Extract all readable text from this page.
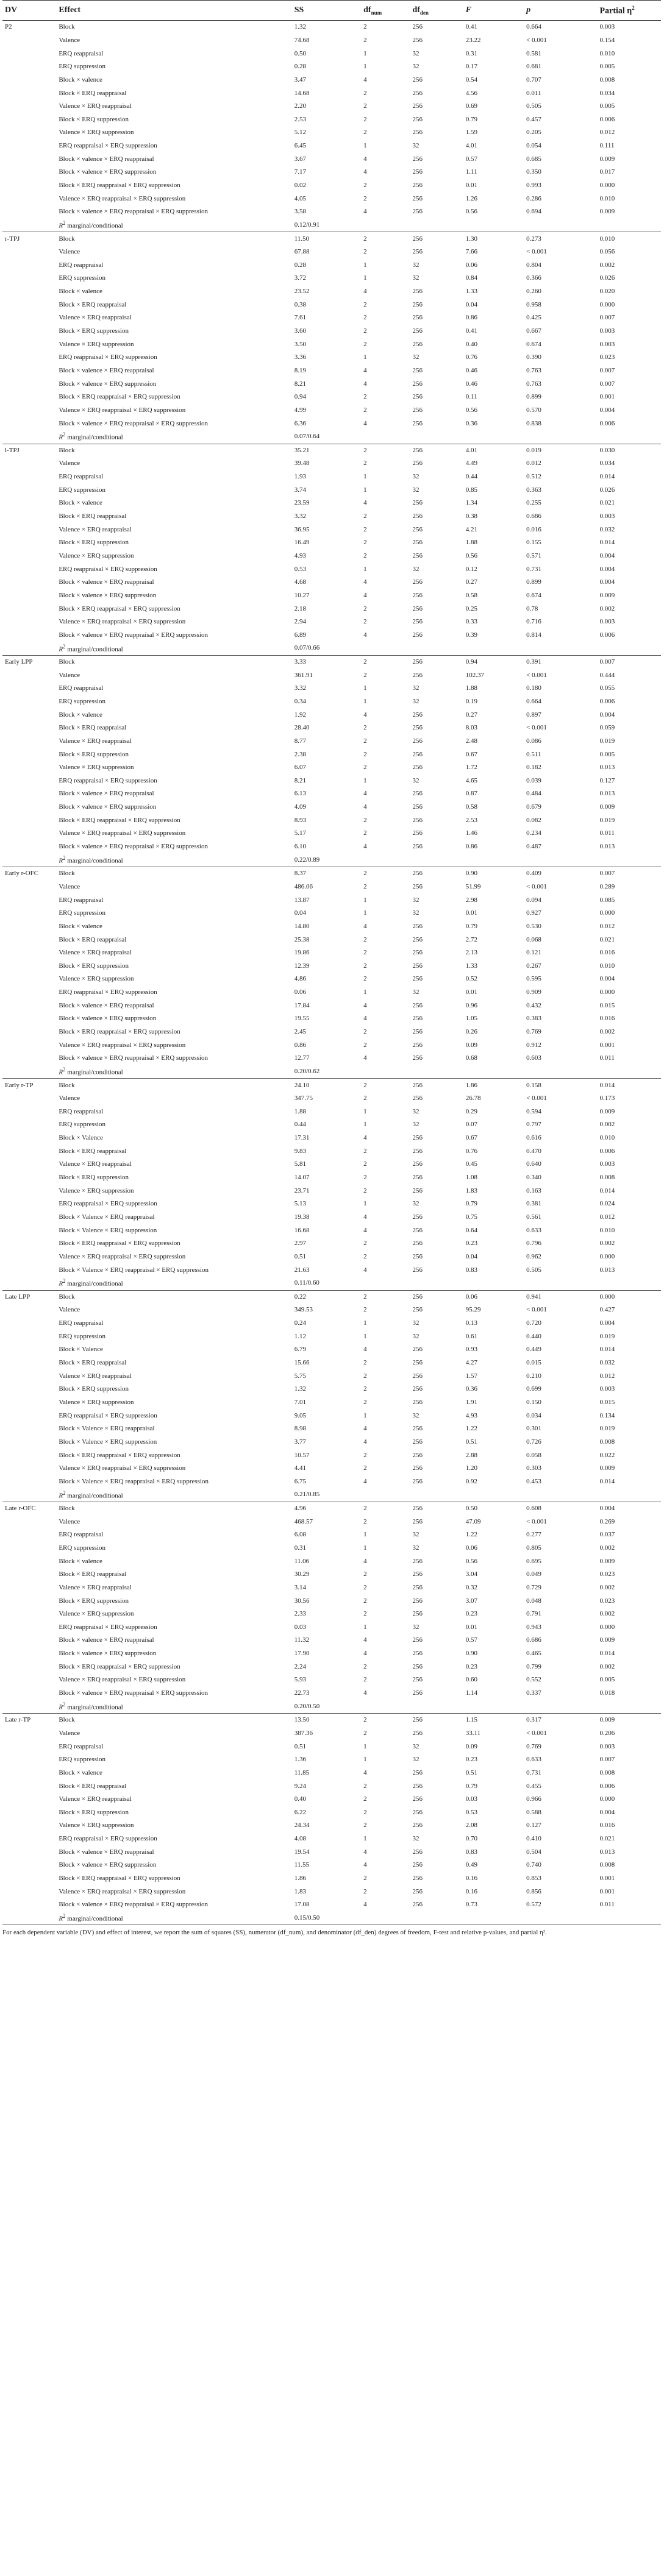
DV	Effect	SS	$df_{num}$	$df_{den}$	F	p	Partial $\eta^2$
P2	Block	1.32	2	256	0.41	0.664	0.003
	Valence	74.68	2	256	23.22	< 0.001	0.154
	ERQ reappraisal	0.50	1	32	0.31	0.581	0.010
	ERQ suppression	0.28	1	32	0.17	0.681	0.005
	Block × valence	3.47	4	256	0.54	0.707	0.008
	Block × ERQ reappraisal	14.68	2	256	4.56	0.011	0.034
	Valence × ERQ reappraisal	2.20	2	256	0.69	0.505	0.005
	Block × ERQ suppression	2.53	2	256	0.79	0.457	0.006
	Valence × ERQ suppression	5.12	2	256	1.59	0.205	0.012
	ERQ reappraisal × ERQ suppression	6.45	1	32	4.01	0.054	0.111
	Block × valence × ERQ reappraisal	3.67	4	256	0.57	0.685	0.009
	Block × valence × ERQ suppression	7.17	4	256	1.11	0.350	0.017
	Block × ERQ reappraisal × ERQ suppression	0.02	2	256	0.01	0.993	0.000
	Valence × ERQ reappraisal × ERQ suppression	4.05	2	256	1.26	0.286	0.010
	Block × valence × ERQ reappraisal × ERQ suppression	3.58	4	256	0.56	0.694	0.009
	$R^2$ marginal/conditional	0.12/0.91					
r-TPJ	Block	11.50	2	256	1.30	0.273	0.010
	Valence	67.88	2	256	7.66	< 0.001	0.056
	ERQ reappraisal	0.28	1	32	0.06	0.804	0.002
	ERQ suppression	3.72	1	32	0.84	0.366	0.026
	Block × valence	23.52	4	256	1.33	0.260	0.020
	Block × ERQ reappraisal	0.38	2	256	0.04	0.958	0.000
	Valence × ERQ reappraisal	7.61	2	256	0.86	0.425	0.007
	Block × ERQ suppression	3.60	2	256	0.41	0.667	0.003
	Valence × ERQ suppression	3.50	2	256	0.40	0.674	0.003
	ERQ reappraisal × ERQ suppression	3.36	1	32	0.76	0.390	0.023
	Block × valence × ERQ reappraisal	8.19	4	256	0.46	0.763	0.007
	Block × valence × ERQ suppression	8.21	4	256	0.46	0.763	0.007
	Block × ERQ reappraisal × ERQ suppression	0.94	2	256	0.11	0.899	0.001
	Valence × ERQ reappraisal × ERQ suppression	4.99	2	256	0.56	0.570	0.004
	Block × valence × ERQ reappraisal × ERQ suppression	6.36	4	256	0.36	0.838	0.006
	$R^2$ marginal/conditional	0.07/0.64					
l-TPJ	Block	35.21	2	256	4.01	0.019	0.030
	Valence	39.48	2	256	4.49	0.012	0.034
	ERQ reappraisal	1.93	1	32	0.44	0.512	0.014
	ERQ suppression	3.74	1	32	0.85	0.363	0.026
	Block × valence	23.59	4	256	1.34	0.255	0.021
	Block × ERQ reappraisal	3.32	2	256	0.38	0.686	0.003
	Valence × ERQ reappraisal	36.95	2	256	4.21	0.016	0.032
	Block × ERQ suppression	16.49	2	256	1.88	0.155	0.014
	Valence × ERQ suppression	4.93	2	256	0.56	0.571	0.004
	ERQ reappraisal × ERQ suppression	0.53	1	32	0.12	0.731	0.004
	Block × valence × ERQ reappraisal	4.68	4	256	0.27	0.899	0.004
	Block × valence × ERQ suppression	10.27	4	256	0.58	0.674	0.009
	Block × ERQ reappraisal × ERQ suppression	2.18	2	256	0.25	0.78	0.002
	Valence × ERQ reappraisal × ERQ suppression	2.94	2	256	0.33	0.716	0.003
	Block × valence × ERQ reappraisal × ERQ suppression	6.89	4	256	0.39	0.814	0.006
	$R^2$ marginal/conditional	0.07/0.66					
Early LPP	Block	3.33	2	256	0.94	0.391	0.007
	Valence	361.91	2	256	102.37	< 0.001	0.444
	ERQ reappraisal	3.32	1	32	1.88	0.180	0.055
	ERQ suppression	0.34	1	32	0.19	0.664	0.006
	Block × valence	1.92	4	256	0.27	0.897	0.004
	Block × ERQ reappraisal	28.40	2	256	8.03	< 0.001	0.059
	Valence × ERQ reappraisal	8.77	2	256	2.48	0.086	0.019
	Block × ERQ suppression	2.38	2	256	0.67	0.511	0.005
	Valence × ERQ suppression	6.07	2	256	1.72	0.182	0.013
	ERQ reappraisal × ERQ suppression	8.21	1	32	4.65	0.039	0.127
	Block × valence × ERQ reappraisal	6.13	4	256	0.87	0.484	0.013
	Block × valence × ERQ suppression	4.09	4	256	0.58	0.679	0.009
	Block × ERQ reappraisal × ERQ suppression	8.93	2	256	2.53	0.082	0.019
	Valence × ERQ reappraisal × ERQ suppression	5.17	2	256	1.46	0.234	0.011
	Block × valence × ERQ reappraisal × ERQ suppression	6.10	4	256	0.86	0.487	0.013
	$R^2$ marginal/conditional	0.22/0.89					
Early r-OFC	Block	8.37	2	256	0.90	0.409	0.007
	Valence	486.06	2	256	51.99	< 0.001	0.289
	ERQ reappraisal	13.87	1	32	2.98	0.094	0.085
	ERQ suppression	0.04	1	32	0.01	0.927	0.000
	Block × valence	14.80	4	256	0.79	0.530	0.012
	Block × ERQ reappraisal	25.38	2	256	2.72	0.068	0.021
	Valence × ERQ reappraisal	19.86	2	256	2.13	0.121	0.016
	Block × ERQ suppression	12.39	2	256	1.33	0.267	0.010
	Valence × ERQ suppression	4.86	2	256	0.52	0.595	0.004
	ERQ reappraisal × ERQ suppression	0.06	1	32	0.01	0.909	0.000
	Block × valence × ERQ reappraisal	17.84	4	256	0.96	0.432	0.015
	Block × valence × ERQ suppression	19.55	4	256	1.05	0.383	0.016
	Block × ERQ reappraisal × ERQ suppression	2.45	2	256	0.26	0.769	0.002
	Valence × ERQ reappraisal × ERQ suppression	0.86	2	256	0.09	0.912	0.001
	Block × valence × ERQ reappraisal × ERQ suppression	12.77	4	256	0.68	0.603	0.011
	$R^2$ marginal/conditional	0.20/0.62					
Early r-TP	Block	24.10	2	256	1.86	0.158	0.014
	Valence	347.75	2	256	26.78	< 0.001	0.173
	ERQ reappraisal	1.88	1	32	0.29	0.594	0.009
	ERQ suppression	0.44	1	32	0.07	0.797	0.002
	Block × Valence	17.31	4	256	0.67	0.616	0.010
	Block × ERQ reappraisal	9.83	2	256	0.76	0.470	0.006
	Valence × ERQ reappraisal	5.81	2	256	0.45	0.640	0.003
	Block × ERQ suppression	14.07	2	256	1.08	0.340	0.008
	Valence × ERQ suppression	23.71	2	256	1.83	0.163	0.014
	ERQ reappraisal × ERQ suppression	5.13	1	32	0.79	0.381	0.024
	Block × Valence × ERQ reappraisal	19.38	4	256	0.75	0.561	0.012
	Block × Valence × ERQ suppression	16.68	4	256	0.64	0.633	0.010
	Block × ERQ reappraisal × ERQ suppression	2.97	2	256	0.23	0.796	0.002
	Valence × ERQ reappraisal × ERQ suppression	0.51	2	256	0.04	0.962	0.000
	Block × Valence × ERQ reappraisal × ERQ suppression	21.63	4	256	0.83	0.505	0.013
	$R^2$ marginal/conditional	0.11/0.60					
Late LPP	Block	0.22	2	256	0.06	0.941	0.000
	Valence	349.53	2	256	95.29	< 0.001	0.427
	ERQ reappraisal	0.24	1	32	0.13	0.720	0.004
	ERQ suppression	1.12	1	32	0.61	0.440	0.019
	Block × Valence	6.79	4	256	0.93	0.449	0.014
	Block × ERQ reappraisal	15.66	2	256	4.27	0.015	0.032
	Valence × ERQ reappraisal	5.75	2	256	1.57	0.210	0.012
	Block × ERQ suppression	1.32	2	256	0.36	0.699	0.003
	Valence × ERQ suppression	7.01	2	256	1.91	0.150	0.015
	ERQ reappraisal × ERQ suppression	9.05	1	32	4.93	0.034	0.134
	Block × Valence × ERQ reappraisal	8.98	4	256	1.22	0.301	0.019
	Block × Valence × ERQ suppression	3.77	4	256	0.51	0.726	0.008
	Block × ERQ reappraisal × ERQ suppression	10.57	2	256	2.88	0.058	0.022
	Valence × ERQ reappraisal × ERQ suppression	4.41	2	256	1.20	0.303	0.009
	Block × Valence × ERQ reappraisal × ERQ suppression	6.75	4	256	0.92	0.453	0.014
	$R^2$ marginal/conditional	0.21/0.85					
Late r-OFC	Block	4.96	2	256	0.50	0.608	0.004
	Valence	468.57	2	256	47.09	< 0.001	0.269
	ERQ reappraisal	6.08	1	32	1.22	0.277	0.037
	ERQ suppression	0.31	1	32	0.06	0.805	0.002
	Block × valence	11.06	4	256	0.56	0.695	0.009
	Block × ERQ reappraisal	30.29	2	256	3.04	0.049	0.023
	Valence × ERQ reappraisal	3.14	2	256	0.32	0.729	0.002
	Block × ERQ suppression	30.56	2	256	3.07	0.048	0.023
	Valence × ERQ suppression	2.33	2	256	0.23	0.791	0.002
	ERQ reappraisal × ERQ suppression	0.03	1	32	0.01	0.943	0.000
	Block × valence × ERQ reappraisal	11.32	4	256	0.57	0.686	0.009
	Block × valence × ERQ suppression	17.90	4	256	0.90	0.465	0.014
	Block × ERQ reappraisal × ERQ suppression	2.24	2	256	0.23	0.799	0.002
	Valence × ERQ reappraisal × ERQ suppression	5.93	2	256	0.60	0.552	0.005
	Block × valence × ERQ reappraisal × ERQ suppression	22.73	4	256	1.14	0.337	0.018
	$R^2$ marginal/conditional	0.20/0.50					
Late r-TP	Block	13.50	2	256	1.15	0.317	0.009
	Valence	387.36	2	256	33.11	< 0.001	0.206
	ERQ reappraisal	0.51	1	32	0.09	0.769	0.003
	ERQ suppression	1.36	1	32	0.23	0.633	0.007
	Block × valence	11.85	4	256	0.51	0.731	0.008
	Block × ERQ reappraisal	9.24	2	256	0.79	0.455	0.006
	Valence × ERQ reappraisal	0.40	2	256	0.03	0.966	0.000
	Block × ERQ suppression	6.22	2	256	0.53	0.588	0.004
	Valence × ERQ suppression	24.34	2	256	2.08	0.127	0.016
	ERQ reappraisal × ERQ suppression	4.08	1	32	0.70	0.410	0.021
	Block × valence × ERQ reappraisal	19.54	4	256	0.83	0.504	0.013
	Block × valence × ERQ suppression	11.55	4	256	0.49	0.740	0.008
	Block × ERQ reappraisal × ERQ suppression	1.86	2	256	0.16	0.853	0.001
	Valence × ERQ reappraisal × ERQ suppression	1.83	2	256	0.16	0.856	0.001
	Block × valence × ERQ reappraisal × ERQ suppression	17.08	4	256	0.73	0.572	0.011
	$R^2$ marginal/conditional	0.15/0.50					

For each dependent variable (DV) and effect of interest, we report the sum of squares (SS), numerator (df_num), and denominator (df_den) degrees of freedom, F-test and relative p-values, and partial η².
